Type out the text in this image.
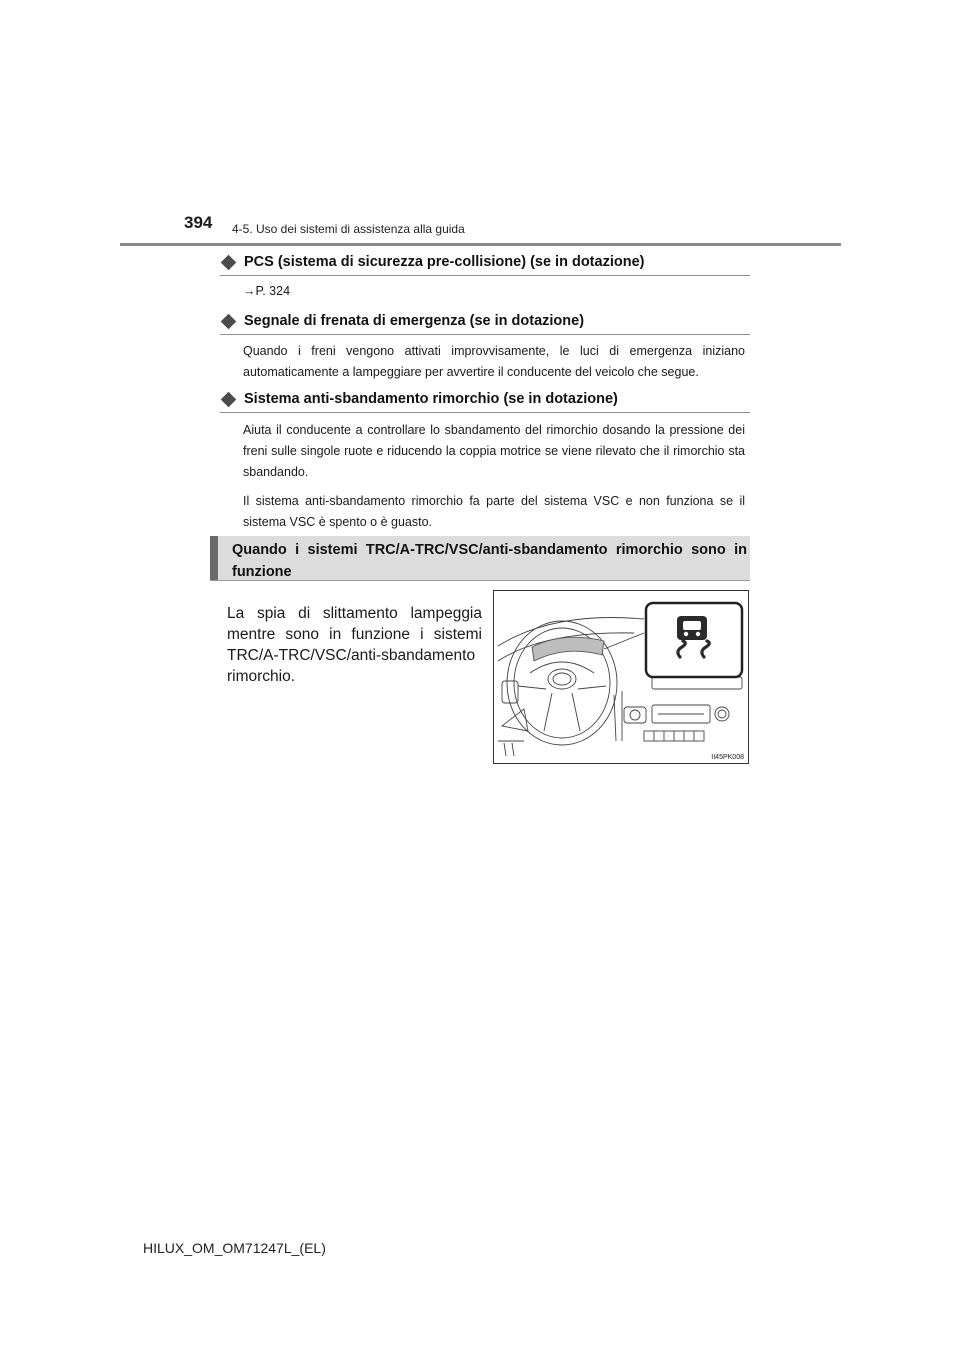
394 4-5. Uso dei sistemi di assistenza alla guida
PCS (sistema di sicurezza pre-collisione) (se in dotazione)
→P. 324
Segnale di frenata di emergenza (se in dotazione)

Quando i freni vengono attivati improvvisamente, le luci di emergenza iniziano automaticamente a lampeggiare per avvertire il conducente del veicolo che segue.

Sistema anti-sbandamento rimorchio (se in dotazione)

Aiuta il conducente a controllare lo sbandamento del rimorchio dosando la pressione dei freni sulle singole ruote e riducendo la coppia motrice se viene rilevato che il rimorchio sta sbandando.

Il sistema anti-sbandamento rimorchio fa parte del sistema VSC e non funziona se il sistema VSC è spento o è guasto.

Quando i sistemi TRC/A-TRC/VSC/anti-sbandamento rimorchio sono in funzione
La spia di slittamento lampeggia
mentre sono in funzione i sistemi
TRC/A-TRC/VSC/anti-sbandamento
rimorchio.
II45PK008
HILUX_OM_OM71247L_(EL)
